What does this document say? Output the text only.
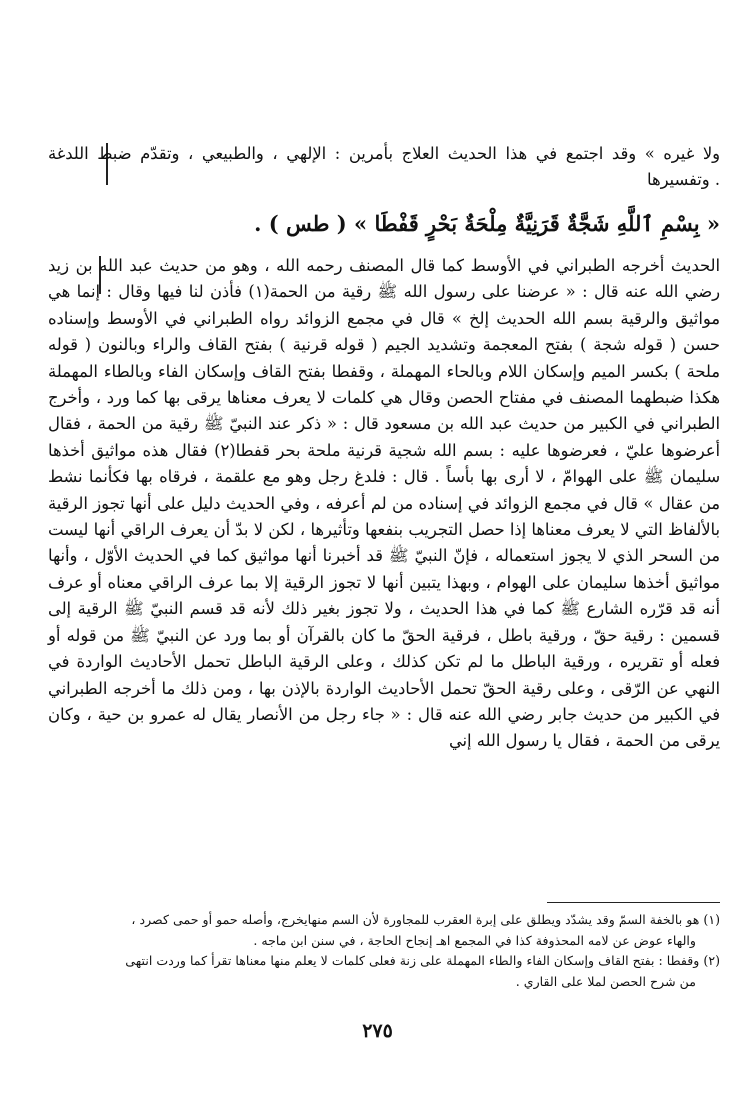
ولا غيره » وقد اجتمع في هذا الحديث العلاج بأمرين : الإلهي ، والطبيعي ، وتقدّم ضبط اللدغة وتفسيرها .

« بِسْمِ ٱللَّهِ شَجَّةٌ قَرَنِيَّةٌ مِلْحَةٌ بَحْرٍ قَفْطَا » ( طس ) .

الحديث أخرجه الطبراني في الأوسط كما قال المصنف رحمه الله ، وهو من حديث عبد الله بن زيد رضي الله عنه قال : « عرضنا على رسول الله ﷺ رقية من الحمة(١) فأذن لنا فيها وقال : إنما هي مواثيق والرقية بسم الله الحديث إلخ » قال في مجمع الزوائد رواه الطبراني في الأوسط وإسناده حسن ( قوله شجة ) بفتح المعجمة وتشديد الجيم ( قوله قرنية ) بفتح القاف والراء وبالنون ( قوله ملحة ) بكسر الميم وإسكان اللام وبالحاء المهملة ، وقفطا بفتح القاف وإسكان الفاء وبالطاء المهملة هكذا ضبطهما المصنف في مفتاح الحصن وقال هي كلمات لا يعرف معناها يرقى بها كما ورد ، وأخرج الطبراني في الكبير من حديث عبد الله بن مسعود قال : « ذكر عند النبيّ ﷺ رقية من الحمة ، فقال أعرضوها عليّ ، فعرضوها عليه : بسم الله شجية قرنية ملحة بحر قفطا(٢) فقال هذه مواثيق أخذها سليمان ﷺ على الهوامّ ، لا أرى بها بأساً . قال : فلدغ رجل وهو مع علقمة ، فرقاه بها فكأنما نشط من عقال » قال في مجمع الزوائد في إسناده من لم أعرفه ، وفي الحديث دليل على أنها تجوز الرقية بالألفاظ التي لا يعرف معناها إذا حصل التجريب بنفعها وتأثيرها ، لكن لا بدّ أن يعرف الراقي أنها ليست من السحر الذي لا يجوز استعماله ، فإنّ النبيّ ﷺ قد أخبرنا أنها مواثيق كما في الحديث الأوّل ، وأنها مواثيق أخذها سليمان على الهوام ، وبهذا يتبين أنها لا تجوز الرقية إلا بما عرف الراقي معناه أو عرف أنه قد قرّره الشارع ﷺ كما في هذا الحديث ، ولا تجوز بغير ذلك لأنه قد قسم النبيّ ﷺ الرقية إلى قسمين : رقية حقّ ، ورقية باطل ، فرقية الحقّ ما كان بالقرآن أو بما ورد عن النبيّ ﷺ من قوله أو فعله أو تقريره ، ورقية الباطل ما لم تكن كذلك ، وعلى الرقية الباطل تحمل الأحاديث الواردة في النهي عن الرّقى ، وعلى رقية الحقّ تحمل الأحاديث الواردة بالإذن بها ، ومن ذلك ما أخرجه الطبراني في الكبير من حديث جابر رضي الله عنه قال : « جاء رجل من الأنصار يقال له عمرو بن حية ، وكان يرقى من الحمة ، فقال يا رسول الله إني

(١) هو بالخفة السمّ وقد يشدّد ويطلق على إبرة العقرب للمجاورة لأن السم منهايخرج، وأصله حمو أو حمى كصرد ،

والهاء عوض عن لامه المحذوفة كذا في المجمع اهـ إنجاح الحاجة ، في سنن ابن ماجه .

(٢) وقفطا : بفتح القاف وإسكان الفاء والطاء المهملة على زنة فعلى كلمات لا يعلم منها معناها تقرأ كما وردت انتهى

من شرح الحصن لملا على القاري .

٢٧٥
